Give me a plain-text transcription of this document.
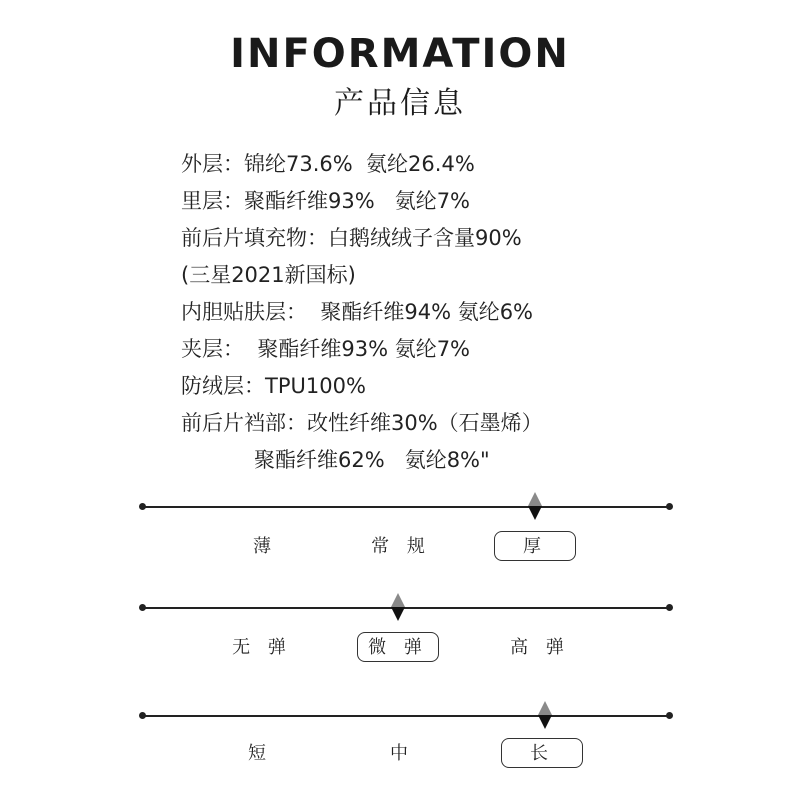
INFORMATION
产品信息
外层：锦纶73.6%  氨纶26.4%
里层：聚酯纤维93%   氨纶7%
前后片填充物：白鹅绒绒子含量90%
(三星2021新国标)
内胆贴肤层：  聚酯纤维94% 氨纶6%
夹层：  聚酯纤维93% 氨纶7%
防绒层：TPU100%
前后片裆部：改性纤维30%（石墨烯）
聚酯纤维62%   氨纶8%"
薄	常 规	厚
无 弹	微 弹	高 弹
短	中	长
